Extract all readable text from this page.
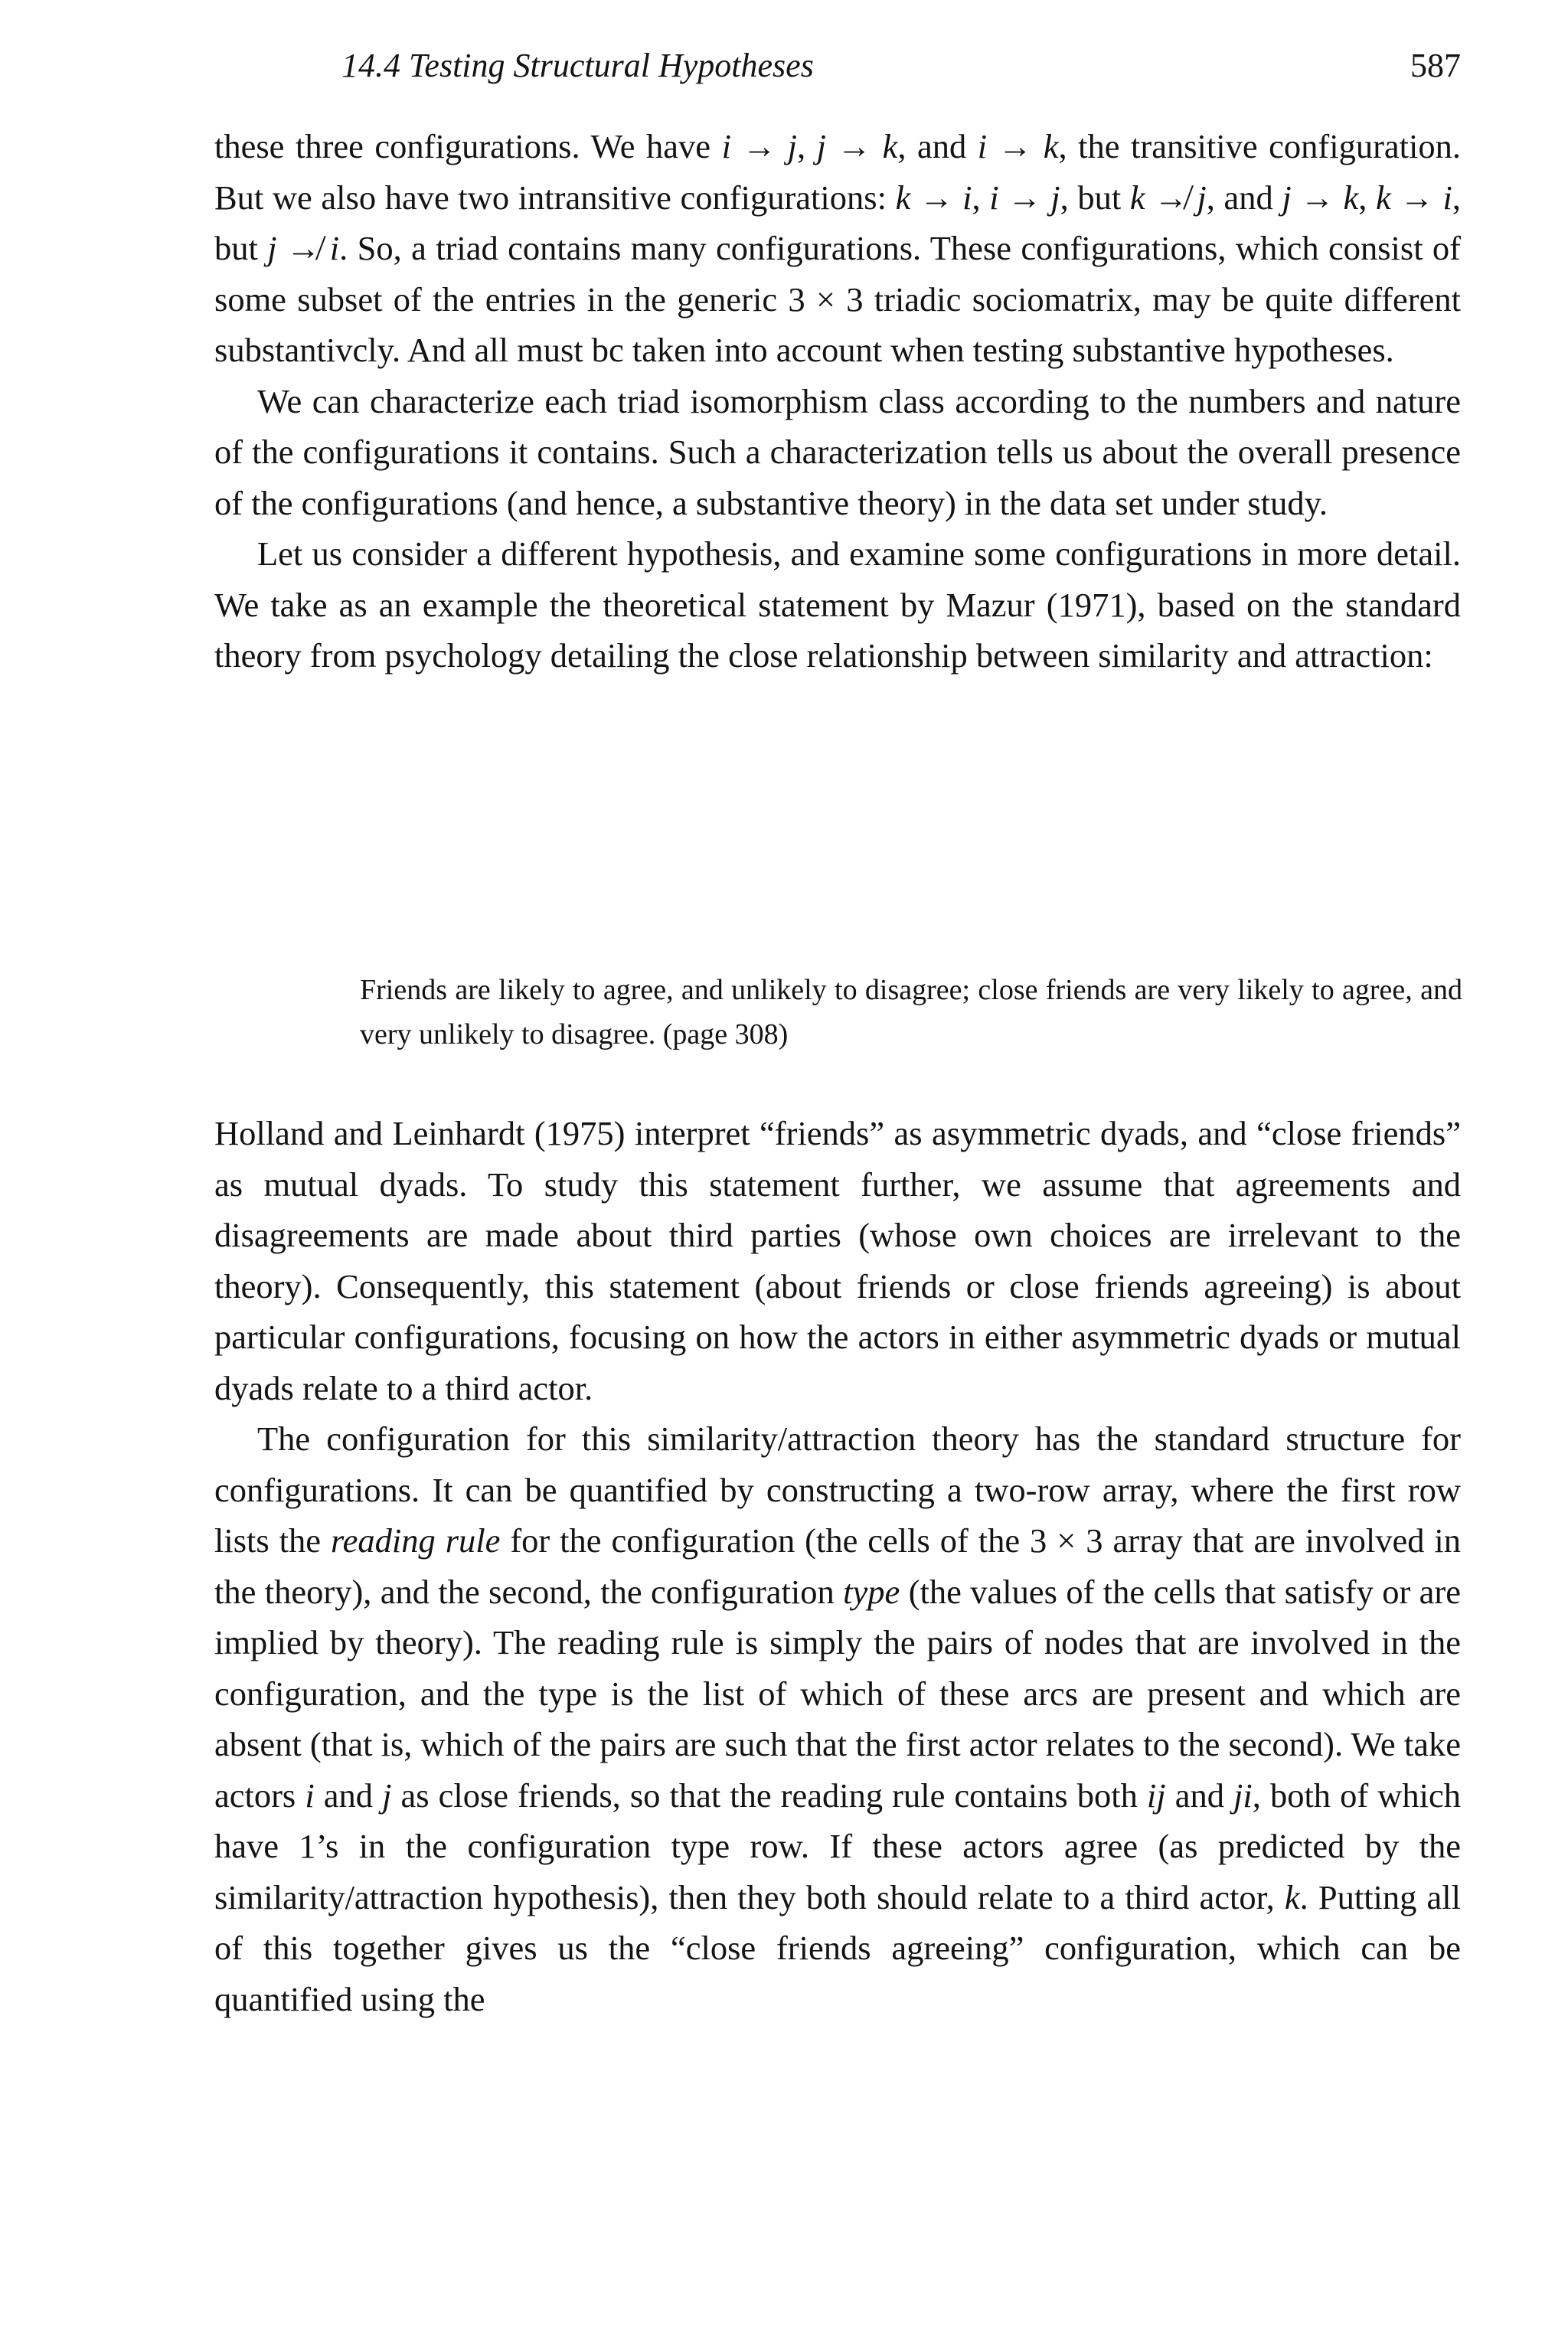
14.4 Testing Structural Hypotheses	587

these three configurations. We have i → j, j → k, and i → k, the transitive configuration. But we also have two intransitive configurations: k → i, i → j, but k ↛ j, and j → k, k → i, but j ↛ i. So, a triad contains many configurations. These configurations, which consist of some subset of the entries in the generic 3 × 3 triadic sociomatrix, may be quite different substantivcly. And all must bc taken into account when testing substantive hypotheses.

We can characterize each triad isomorphism class according to the numbers and nature of the configurations it contains. Such a characterization tells us about the overall presence of the configurations (and hence, a substantive theory) in the data set under study.

Let us consider a different hypothesis, and examine some configurations in more detail. We take as an example the theoretical statement by Mazur (1971), based on the standard theory from psychology detailing the close relationship between similarity and attraction:

Friends are likely to agree, and unlikely to disagree; close friends are very likely to agree, and very unlikely to disagree. (page 308)

Holland and Leinhardt (1975) interpret “friends” as asymmetric dyads, and “close friends” as mutual dyads. To study this statement further, we assume that agreements and disagreements are made about third parties (whose own choices are irrelevant to the theory). Consequently, this statement (about friends or close friends agreeing) is about particular configurations, focusing on how the actors in either asymmetric dyads or mutual dyads relate to a third actor.

The configuration for this similarity/attraction theory has the standard structure for configurations. It can be quantified by constructing a two-row array, where the first row lists the reading rule for the configuration (the cells of the 3 × 3 array that are involved in the theory), and the second, the configuration type (the values of the cells that satisfy or are implied by theory). The reading rule is simply the pairs of nodes that are involved in the configuration, and the type is the list of which of these arcs are present and which are absent (that is, which of the pairs are such that the first actor relates to the second). We take actors i and j as close friends, so that the reading rule contains both ij and ji, both of which have 1’s in the configuration type row. If these actors agree (as predicted by the similarity/attraction hypothesis), then they both should relate to a third actor, k. Putting all of this together gives us the “close friends agreeing” configuration, which can be quantified using the
